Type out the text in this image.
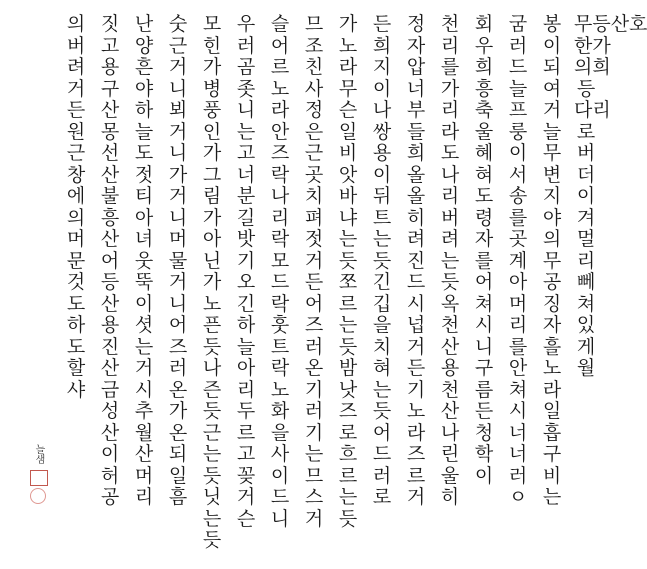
늘샘
무등산호
한가
의희
등
다리
로
버
더
이
겨
멀
리
뻬
쳐
있
게
월
봉
이
되
여
거
늘
무
변
지
야
의
무
공
징
자
흘
노
라
일
흡
구
비
는
굼
러
드
늘
프
룽
이
서
송
를
곳
계
아
머
리
를
안
쳐
시
너
너
러
ㅇ
회
우
희
흥
축
울
혜
혀
도
령
자
를
어
쳐
시
니
구
름
든
청
학
이
천
리
를
가
리
라
도
나
리
버
려
는
듯
옥
천
산
용
천
산
나
린
울
히
정
자
압
너
부
들
희
올
올
히
려
진
드
시
넙
거
든
기
노
라
즈
르
거
든
희
지
이
나
쌍
용
이
뒤
트
는
듯
긴
깁
을
치
혀
는
듯
어
드
러
로
가
노
라
무
슨
일
비
앗
바
냐
는
듯
쪼
르
는
듯
밤
낫
즈
로
흐
르
는
듯
므
조
친
사
정
은
근
곳
치
펴
젓
거
든
어
즈
러
온
기
러
기
는
므
스
거
슬
어
르
노
라
안
즈
락
나
리
락
모
드
락
훗
트
락
노
화
을
사
이
드
니
우
러
곰
좃
니
는
고
너
분
길
밧
기
오
긴
하
늘
아
리
두
르
고
꽂
거
슨
모
힌
가
병
풍
인
가
그
림
가
아
닌
가
노
픈
듯
나
즌
듯
근
는
듯
닛
는
듯
숫
근
거
니
뵈
거
니
가
거
니
머
물
거
니
어
즈
러
온
가
온
되
일
흠
난
양
흔
야
하
늘
도
젓
티
아
녀
웃
뚝
이
셧
는
거
시
추
월
산
머
리
짓
고
용
구
산
몽
선
산
불
흥
산
어
등
산
용
진
산
금
성
산
이
허
공
의
버
려
거
든
원
근
창
에
의
머
문
것
도
하
도
할
샤
